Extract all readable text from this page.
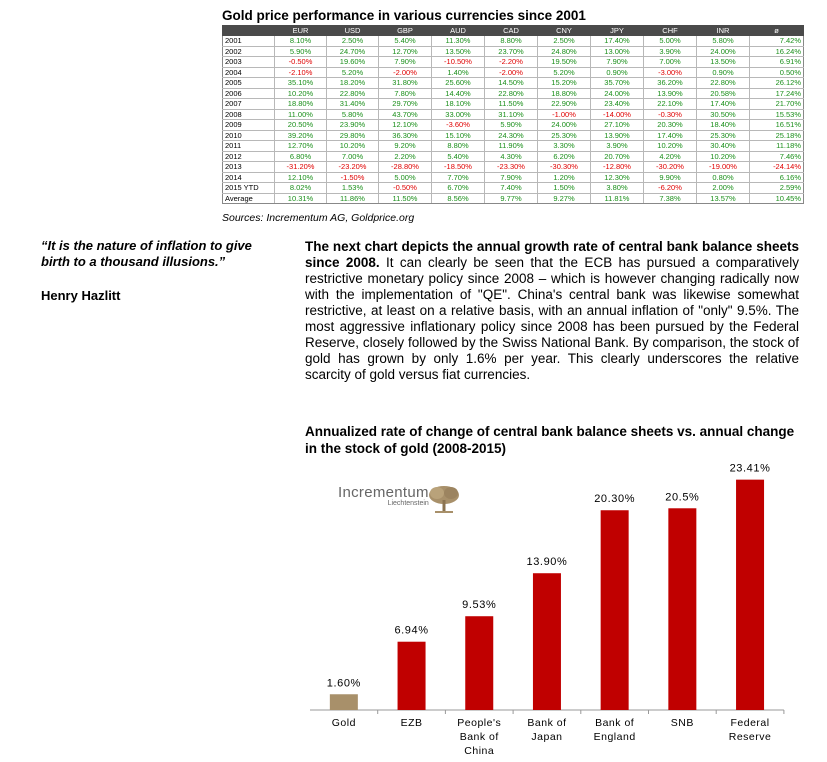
Gold price performance in various currencies since 2001
	EUR	USD	GBP	AUD	CAD	CNY	JPY	CHF	INR	ø
2001	8.10%	2.50%	5.40%	11.30%	8.80%	2.50%	17.40%	5.00%	5.80%	7.42%
2002	5.90%	24.70%	12.70%	13.50%	23.70%	24.80%	13.00%	3.90%	24.00%	16.24%
2003	-0.50%	19.60%	7.90%	-10.50%	-2.20%	19.50%	7.90%	7.00%	13.50%	6.91%
2004	-2.10%	5.20%	-2.00%	1.40%	-2.00%	5.20%	0.90%	-3.00%	0.90%	0.50%
2005	35.10%	18.20%	31.80%	25.60%	14.50%	15.20%	35.70%	36.20%	22.80%	26.12%
2006	10.20%	22.80%	7.80%	14.40%	22.80%	18.80%	24.00%	13.90%	20.58%	17.24%
2007	18.80%	31.40%	29.70%	18.10%	11.50%	22.90%	23.40%	22.10%	17.40%	21.70%
2008	11.00%	5.80%	43.70%	33.00%	31.10%	-1.00%	-14.00%	-0.30%	30.50%	15.53%
2009	20.50%	23.90%	12.10%	-3.60%	5.90%	24.00%	27.10%	20.30%	18.40%	16.51%
2010	39.20%	29.80%	36.30%	15.10%	24.30%	25.30%	13.90%	17.40%	25.30%	25.18%
2011	12.70%	10.20%	9.20%	8.80%	11.90%	3.30%	3.90%	10.20%	30.40%	11.18%
2012	6.80%	7.00%	2.20%	5.40%	4.30%	6.20%	20.70%	4.20%	10.20%	7.46%
2013	-31.20%	-23.20%	-28.80%	-18.50%	-23.30%	-30.30%	-12.80%	-30.20%	-19.00%	-24.14%
2014	12.10%	-1.50%	5.00%	7.70%	7.90%	1.20%	12.30%	9.90%	0.80%	6.16%
2015 YTD	8.02%	1.53%	-0.50%	6.70%	7.40%	1.50%	3.80%	-6.20%	2.00%	2.59%
Average	10.31%	11.86%	11.50%	8.56%	9.77%	9.27%	11.81%	7.38%	13.57%	10.45%
Sources: Incrementum AG, Goldprice.org
“It is the nature of inflation to give birth to a thousand illusions.”
Henry Hazlitt
The next chart depicts the annual growth rate of central bank balance sheets since 2008. It can clearly be seen that the ECB has pursued a comparatively restrictive monetary policy since 2008 – which is however changing radically now with the implementation of "QE". China's central bank was likewise somewhat restrictive, at least on a relative basis, with an annual inflation of "only" 9.5%. The most aggressive inflationary policy since 2008 has been pursued by the Federal Reserve, closely followed by the Swiss National Bank. By comparison, the stock of gold has grown by only 1.6% per year. This clearly underscores the relative scarcity of gold versus fiat currencies.
Annualized rate of change of central bank balance sheets vs. annual change in the stock of gold (2008-2015)
1.60%
Gold
6.94%
EZB
9.53%
People's
Bank of
China
13.90%
Bank of
Japan
20.30%
Bank of
England
20.5%
SNB
23.41%
Federal
Reserve
Incrementum
Liechtenstein
